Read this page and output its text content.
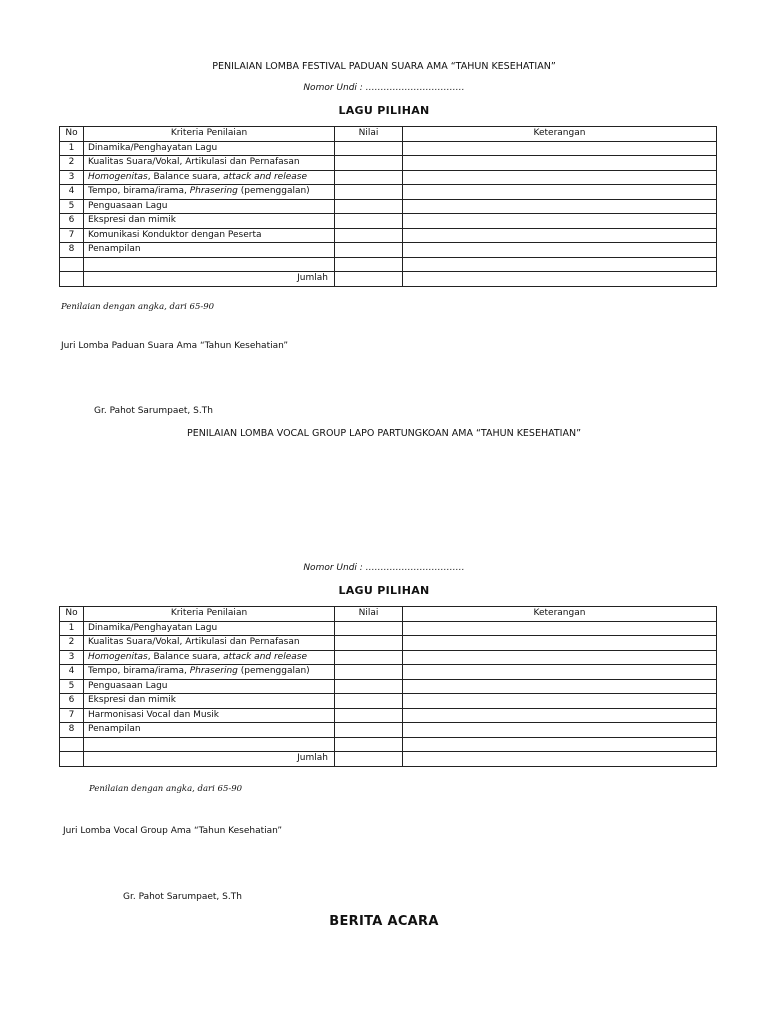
PENILAIAN LOMBA FESTIVAL PADUAN SUARA AMA “TAHUN KESEHATIAN”
Nomor Undi : ……………………………
LAGU PILIHAN
No	Kriteria Penilaian	Nilai	Keterangan
1	Dinamika/Penghayatan Lagu		
2	Kualitas Suara/Vokal, Artikulasi dan Pernafasan		
3	Homogenitas, Balance suara, attack and release		
4	Tempo, birama/irama, Phrasering (pemenggalan)		
5	Penguasaan Lagu		
6	Ekspresi dan mimik		
7	Komunikasi Konduktor dengan Peserta		
8	Penampilan		

	Jumlah		
Penilaian dengan angka, dari 65-90
Juri Lomba Paduan Suara Ama “Tahun Kesehatian”
Gr. Pahot Sarumpaet, S.Th
PENILAIAN LOMBA VOCAL GROUP LAPO PARTUNGKOAN AMA “TAHUN KESEHATIAN”
Nomor Undi : ……………………………
LAGU PILIHAN
No	Kriteria Penilaian	Nilai	Keterangan
1	Dinamika/Penghayatan Lagu		
2	Kualitas Suara/Vokal, Artikulasi dan Pernafasan		
3	Homogenitas, Balance suara, attack and release		
4	Tempo, birama/irama, Phrasering (pemenggalan)		
5	Penguasaan Lagu		
6	Ekspresi dan mimik		
7	Harmonisasi Vocal dan Musik		
8	Penampilan		

	Jumlah		
Penilaian dengan angka, dari 65-90
Juri Lomba Vocal Group Ama “Tahun Kesehatian”
Gr. Pahot Sarumpaet, S.Th
BERITA ACARA
